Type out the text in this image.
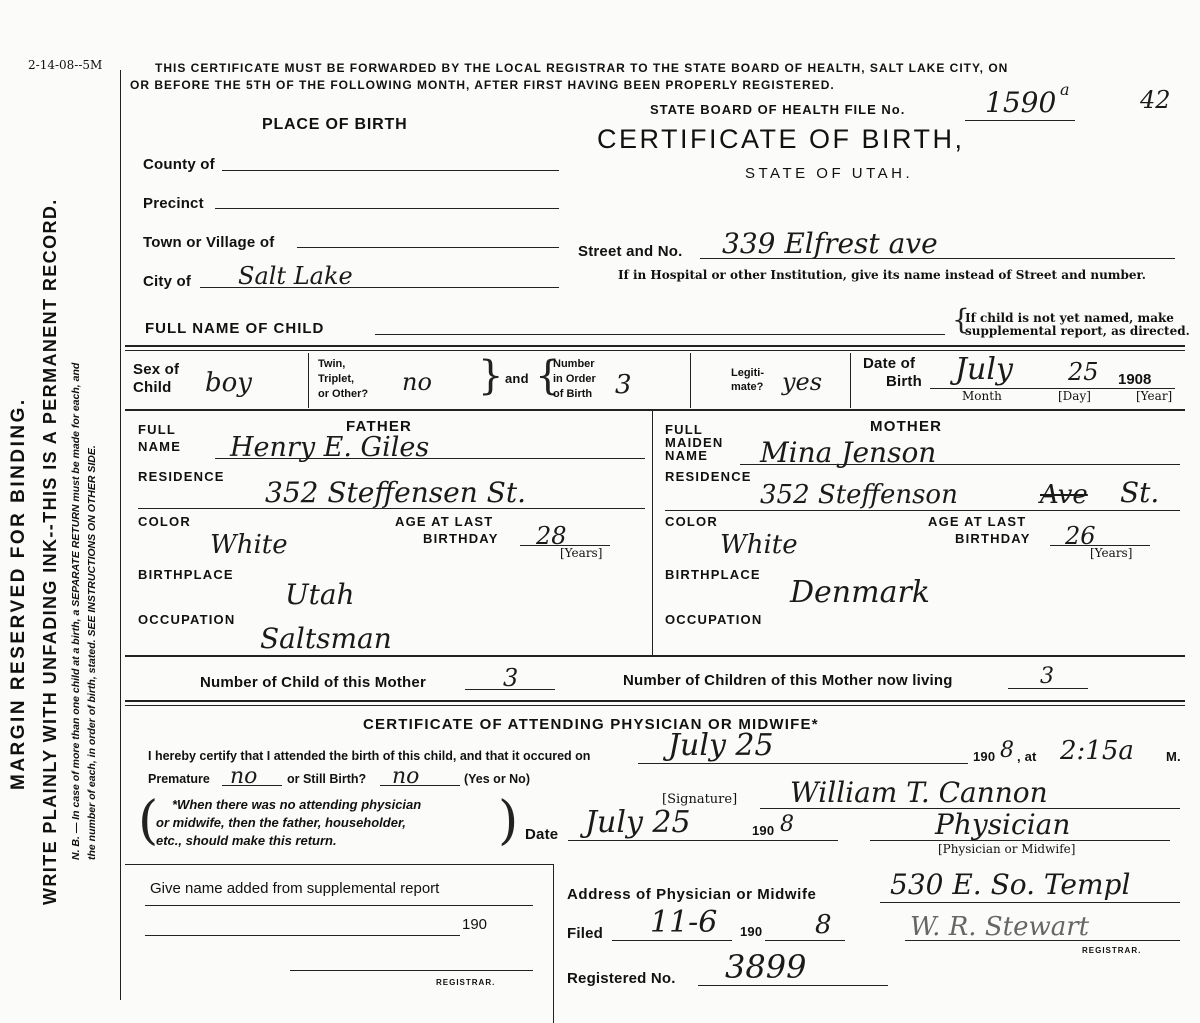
2-14-08--5M
MARGIN RESERVED FOR BINDING. WRITE PLAINLY WITH UNFADING INK--THIS IS A PERMANENT RECORD. N. B. — In case of more than one child at a birth, a SEPARATE RETURN must be made for each, and the number of each, in order of birth, stated. SEE INSTRUCTIONS ON OTHER SIDE.
THIS CERTIFICATE MUST BE FORWARDED BY THE LOCAL REGISTRAR TO THE STATE BOARD OF HEALTH, SALT LAKE CITY, ON
OR BEFORE THE 5TH OF THE FOLLOWING MONTH, AFTER FIRST HAVING BEEN PROPERLY REGISTERED.
STATE BOARD OF HEALTH FILE No.	1590 a	42
CERTIFICATE OF BIRTH,
STATE OF UTAH.
PLACE OF BIRTH
County of
Precinct
Town or Village of
City of Salt Lake
Street and No. 339 Elfrest ave
If in Hospital or other Institution, give its name instead of Street and number.
FULL NAME OF CHILD	{
If child is not yet named, make
supplemental report, as directed.
Sex of
Child boy
Twin,
Triplet,
or Other? no } and {
Number
in Order
of Birth 3	Legiti-
mate? yes
Date of
Birth July 25 1908
Month	[Day]	[Year]
FATHER
FULL
NAME Henry E. Giles
RESIDENCE 352 Steffensen St.
COLOR
White
AGE AT LAST
BIRTHDAY 28
[Years]
BIRTHPLACE
Utah
OCCUPATION
Saltsman
MOTHER
FULL
MAIDEN
NAME Mina Jenson
RESIDENCE
352 Steffenson	Ave St.
COLOR
White
AGE AT LAST
BIRTHDAY 26
[Years]
BIRTHPLACE
Denmark
OCCUPATION
Number of Child of this Mother	3	Number of Children of this Mother now living	3
CERTIFICATE OF ATTENDING PHYSICIAN OR MIDWIFE*
I hereby certify that I attended the birth of this child, and that it occured on	July 25	190 8 , at 2:15a M.
Premature no or Still Birth? no	(Yes or No)
( *When there was no attending physician
or midwife, then the father, householder,
etc., should make this return.	)	[Signature] William T. Cannon
Date July 25	190 8	Physician
[Physician or Midwife]
Give name added from supplemental report
190
REGISTRAR.
Address of Physician or Midwife	530 E. So. Templ
Filed 11-6 190 8	W. R. Stewart
REGISTRAR.
Registered No. 3899
